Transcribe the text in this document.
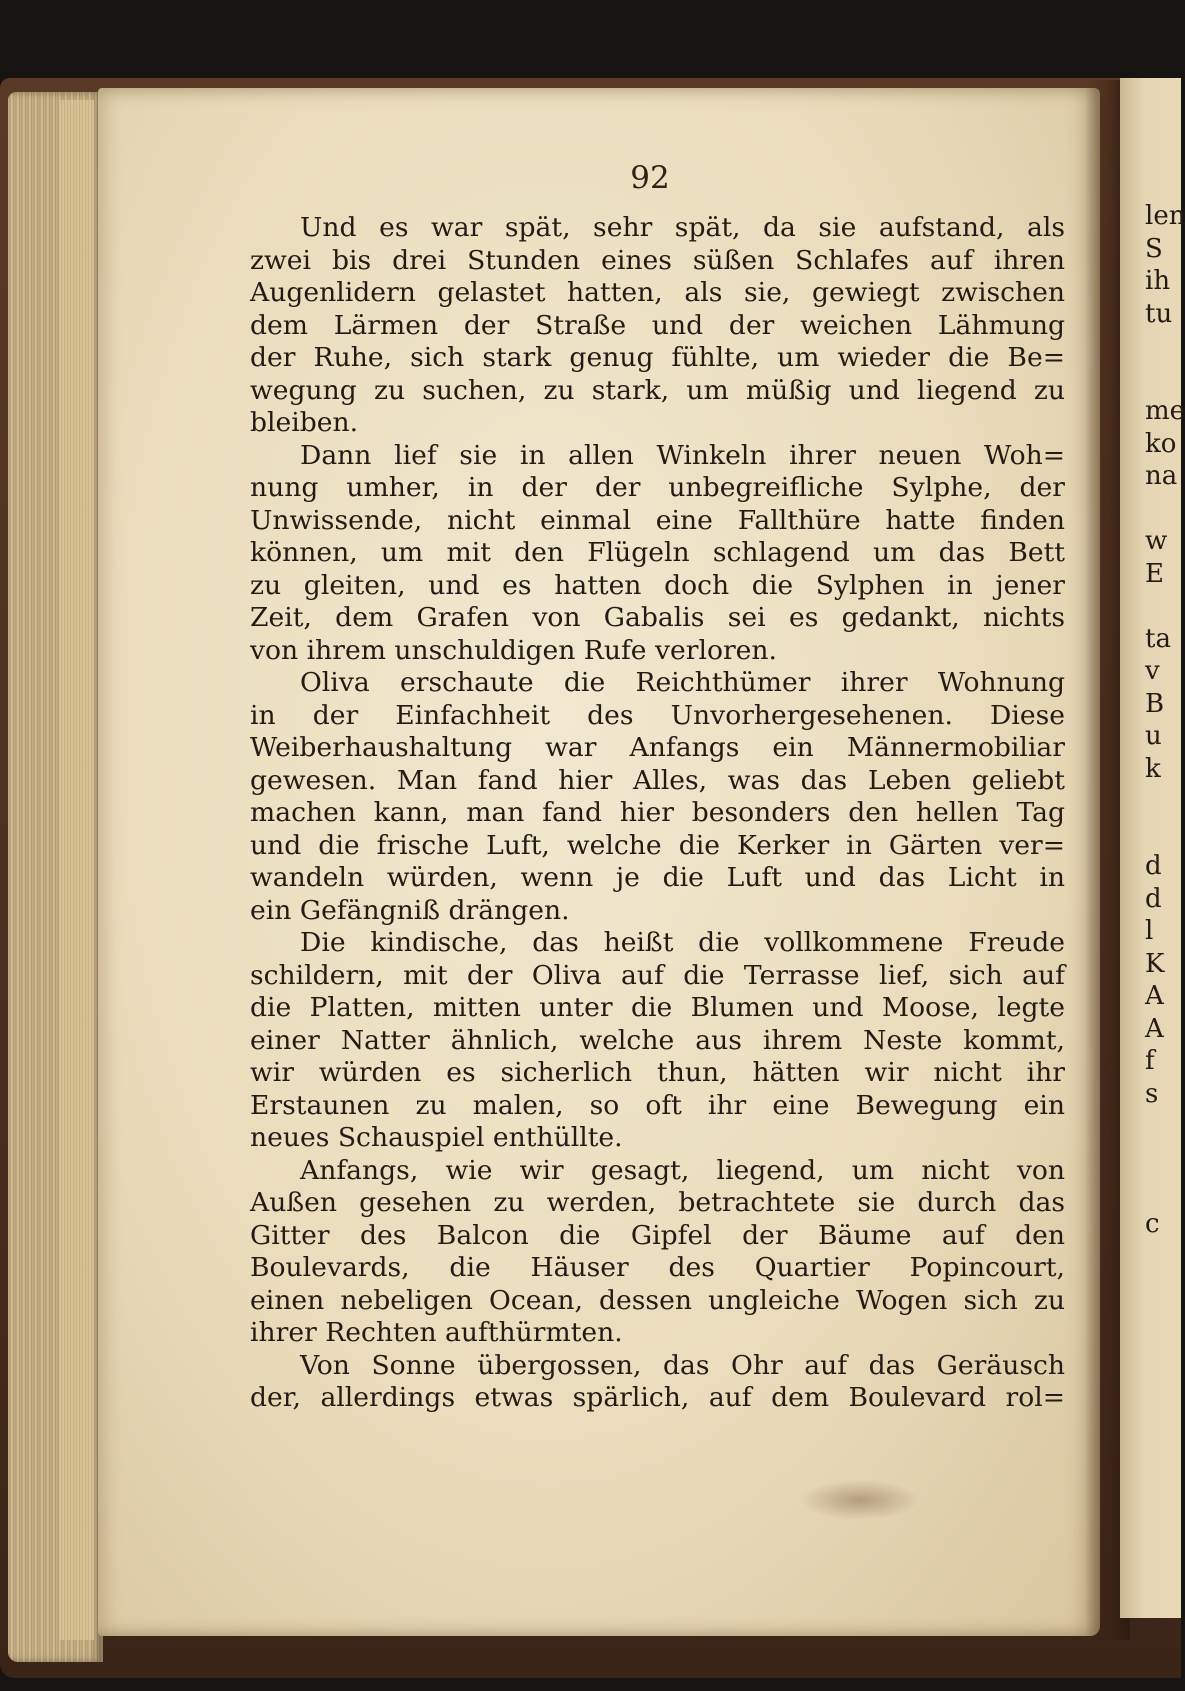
92
Und es war spät, sehr spät, da sie aufstand, als
zwei bis drei Stunden eines süßen Schlafes auf ihren
Augenlidern gelastet hatten, als sie, gewiegt zwischen
dem Lärmen der Straße und der weichen Lähmung
der Ruhe, sich stark genug fühlte, um wieder die Be=
wegung zu suchen, zu stark, um müßig und liegend zu
bleiben.
Dann lief sie in allen Winkeln ihrer neuen Woh=
nung umher, in der der unbegreifliche Sylphe, der
Unwissende, nicht einmal eine Fallthüre hatte finden
können, um mit den Flügeln schlagend um das Bett
zu gleiten, und es hatten doch die Sylphen in jener
Zeit, dem Grafen von Gabalis sei es gedankt, nichts
von ihrem unschuldigen Rufe verloren.
Oliva erschaute die Reichthümer ihrer Wohnung
in der Einfachheit des Unvorhergesehenen. Diese
Weiberhaushaltung war Anfangs ein Männermobiliar
gewesen. Man fand hier Alles, was das Leben geliebt
machen kann, man fand hier besonders den hellen Tag
und die frische Luft, welche die Kerker in Gärten ver=
wandeln würden, wenn je die Luft und das Licht in
ein Gefängniß drängen.
Die kindische, das heißt die vollkommene Freude
schildern, mit der Oliva auf die Terrasse lief, sich auf
die Platten, mitten unter die Blumen und Moose, legte
einer Natter ähnlich, welche aus ihrem Neste kommt,
wir würden es sicherlich thun, hätten wir nicht ihr
Erstaunen zu malen, so oft ihr eine Bewegung ein
neues Schauspiel enthüllte.
Anfangs, wie wir gesagt, liegend, um nicht von
Außen gesehen zu werden, betrachtete sie durch das
Gitter des Balcon die Gipfel der Bäume auf den
Boulevards, die Häuser des Quartier Popincourt,
einen nebeligen Ocean, dessen ungleiche Wogen sich zu
ihrer Rechten aufthürmten.
Von Sonne übergossen, das Ohr auf das Geräusch
der, allerdings etwas spärlich, auf dem Boulevard rol=
len
S
ih
tu
me
ko
na
w
E
ta
v
B
u
k
d
d
l
K
A
A
f
s
c
